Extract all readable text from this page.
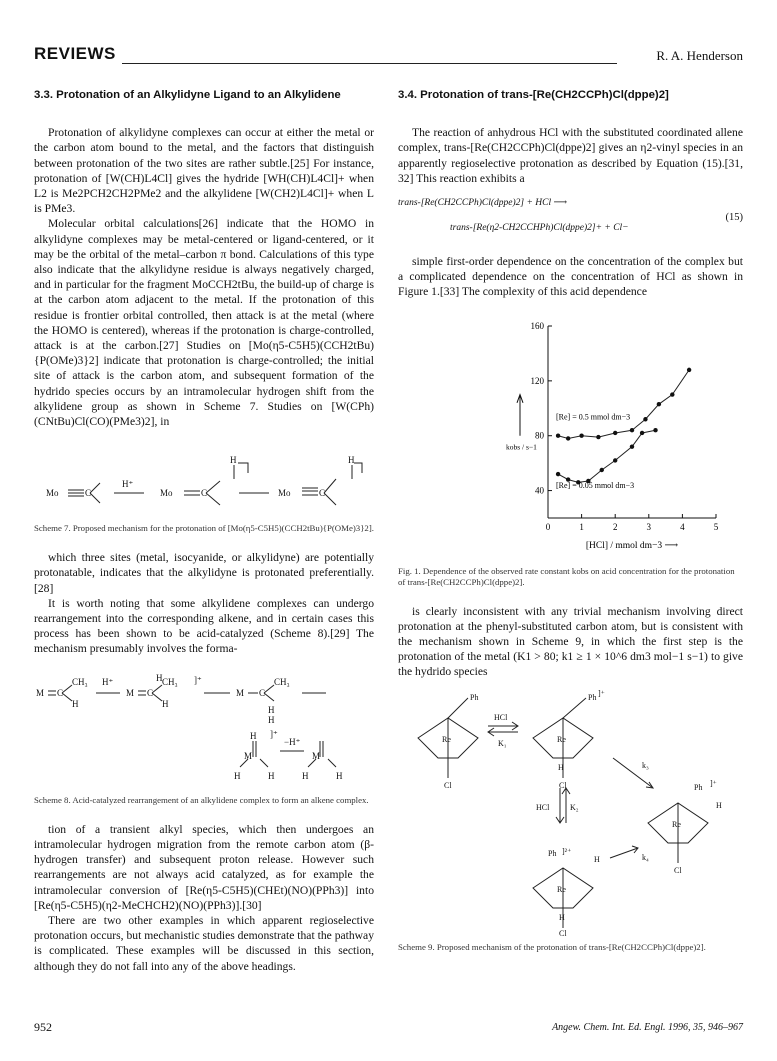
REVIEWS	R. A. Henderson
3.3. Protonation of an Alkylidyne Ligand to an Alkylidene

Protonation of alkylidyne complexes can occur at either the metal or the carbon atom bound to the metal, and the factors that distinguish between protonation of the two sites are rather subtle.[25] For instance, protonation of [W(CH)L4Cl] gives the hydride [WH(CH)L4Cl]+ when L2 is Me2PCH2CH2PMe2 and the alkylidene [W(CH2)L4Cl]+ when L is PMe3.

Molecular orbital calculations[26] indicate that the HOMO in alkylidyne complexes may be metal-centered or ligand-centered, or it may be the orbital of the metal–carbon π bond. Calculations of this type also indicate that the alkylidyne residue is always negatively charged, and in particular for the fragment MoCCH2tBu, the build-up of charge is at the carbon atom adjacent to the metal. If the protonation of this residue is frontier orbital controlled, then attack is at the metal (where the HOMO is centered), whereas if the protonation is charge-controlled, attack is at the carbon.[27] Studies on [Mo(η5-C5H5)(CCH2tBu){P(OMe)3}2] indicate that protonation is charge-controlled; the initial site of attack is the carbon atom, and subsequent formation of the hydrido species occurs by an intramolecular hydrogen shift from the alkylidene group as shown in Scheme 7. Studies on [W(CPh)(CNtBu)Cl(CO)(PMe3)2], in

Mo	C
H⁺
Mo	C
H
Mo	C
H

Scheme 7. Proposed mechanism for the protonation of [Mo(η5-C5H5)(CCH2tBu){P(OMe)3}2].

which three sites (metal, isocyanide, or alkylidyne) are potentially protonatable, indicates that the alkylidyne is protonated preferentially.[28]

It is worth noting that some alkylidene complexes can undergo rearrangement into the corresponding alkene, and in certain cases this process has been shown to be acid-catalyzed (Scheme 8).[29] The mechanism presumably involves the forma-

M C
CH₃
H
H⁺	H
M C
CH₃
H
]⁺
M C
CH₃
H
H
H ]⁺
−H⁺
M
H	H
M
H	H

Scheme 8. Acid-catalyzed rearrangement of an alkylidene complex to form an alkene complex.

tion of a transient alkyl species, which then undergoes an intramolecular hydrogen migration from the remote carbon atom (β-hydrogen transfer) and subsequent proton release. However such rearrangements are not always acid catalyzed, as for example the intramolecular conversion of [Re(η5-C5H5)(CHEt)(NO)(PPh3)] into [Re(η5-C5H5)(η2-MeCHCH2)(NO)(PPh3)].[30]

There are two other examples in which apparent regioselective protonation occurs, but mechanistic studies demonstrate that the pathway is complicated. These examples will be discussed in this section, although they do not fall into any of the above headings.

3.4. Protonation of trans-[Re(CH2CCPh)Cl(dppe)2]

The reaction of anhydrous HCl with the substituted coordinated allene complex, trans-[Re(CH2CCPh)Cl(dppe)2] gives an η2-vinyl species in an apparently regioselective protonation as described by Equation (15).[31, 32] This reaction exhibits a

trans-[Re(CH2CCPh)Cl(dppe)2] + HCl ⟶
trans-[Re(η2-CH2CCHPh)Cl(dppe)2]+ + Cl−
(15)

simple first-order dependence on the concentration of the complex but a complicated dependence on the concentration of HCl as shown in Figure 1.[33] The complexity of this acid dependence

0	1	2	3	4	5
40
80
120
160
[HCl] / mmol dm−3 ⟶
kobs / s−1
[Re] = 0.5 mmol dm−3
[Re] = 0.05 mmol dm−3

Fig. 1. Dependence of the observed rate constant kobs on acid concentration for the protonation of trans-[Re(CH2CCPh)Cl(dppe)2].

is clearly inconsistent with any trivial mechanism involving direct protonation at the phenyl-substituted carbon atom, but is consistent with the mechanism shown in Scheme 9, in which the first step is the protonation of the metal (K1 > 80; k1 ≥ 1 × 10^6 dm3 mol−1 s−1) to give the hydrido species

Ph
Re
Cl
HCl
K₁
Ph ]⁺
Re
H
Cl
k₃
Ph ]⁺
H
Re
Cl
HCl	K₂
k₄
Ph ]²⁺
H
Re
H
Cl

Scheme 9. Proposed mechanism of the protonation of trans-[Re(CH2CCPh)Cl(dppe)2].

952	Angew. Chem. Int. Ed. Engl. 1996, 35, 946–967
